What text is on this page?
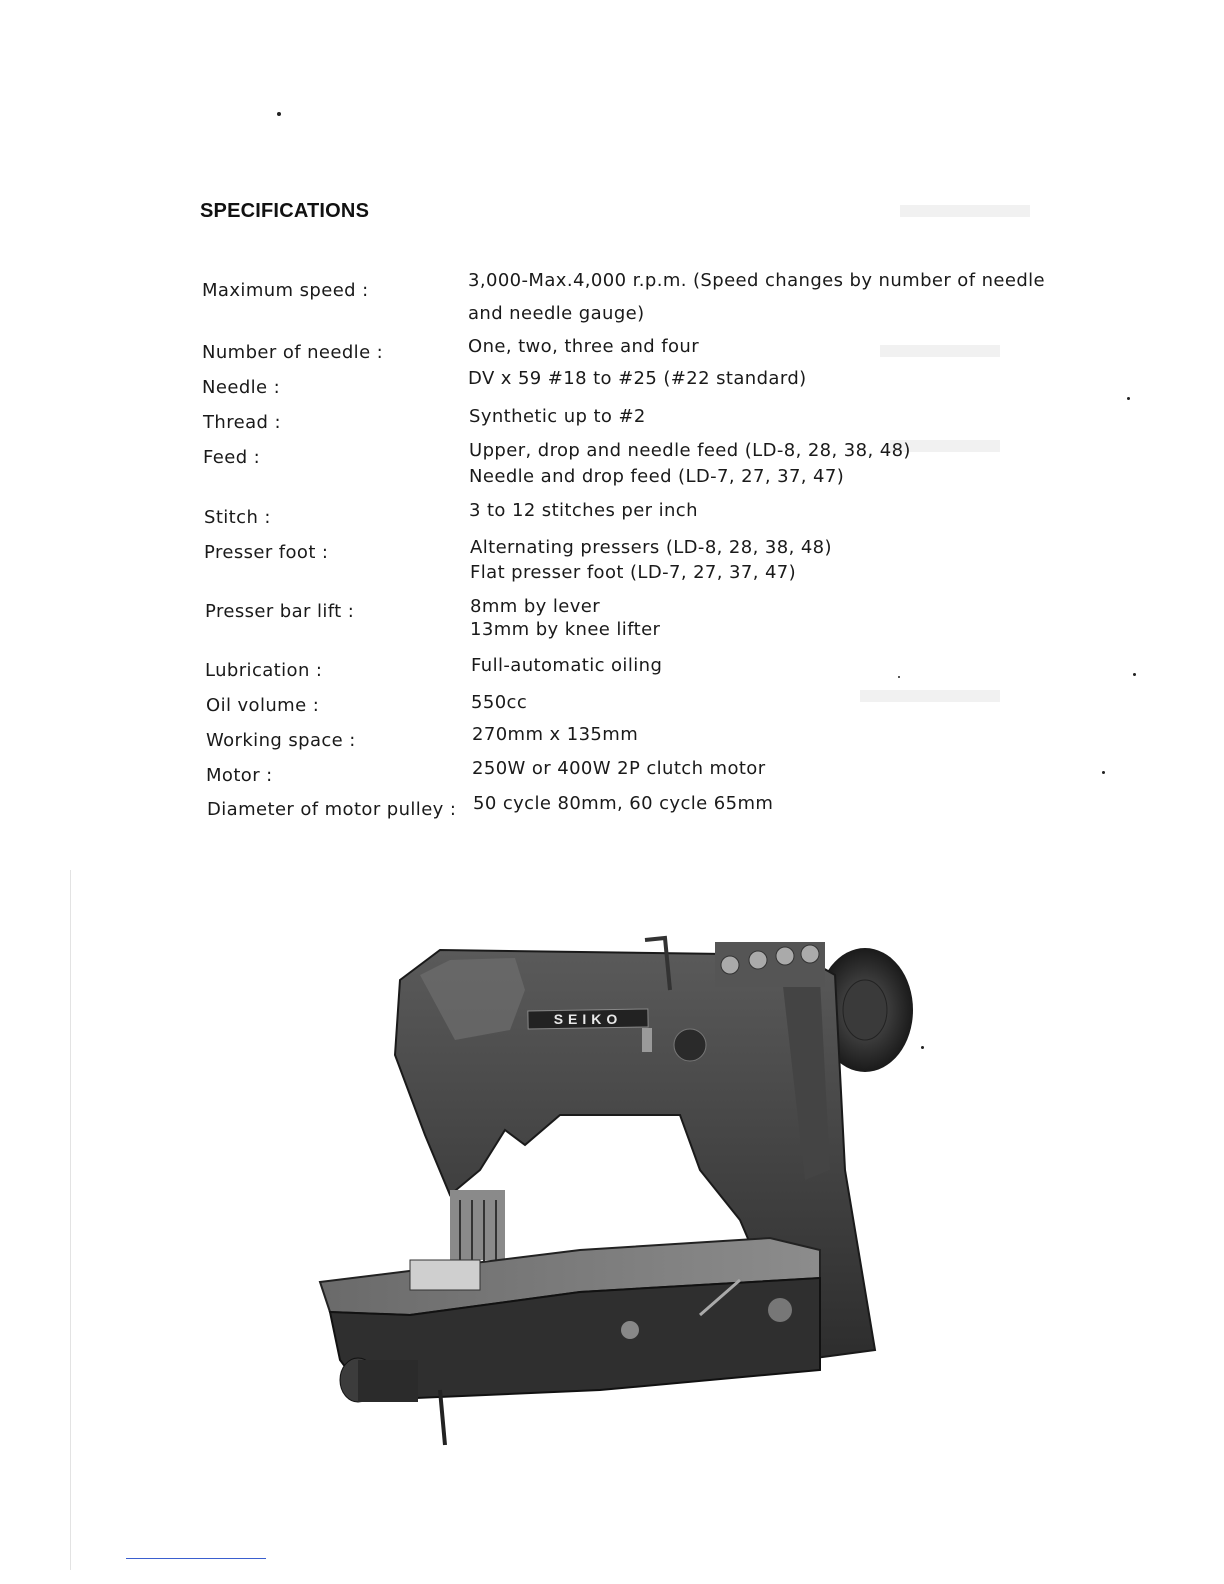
SPECIFICATIONS
Maximum speed :	3,000-Max.4,000 r.p.m. (Speed changes by number of needle
and needle gauge)
Number of needle :	One, two, three and four
Needle :	DV x 59 #18 to #25 (#22 standard)
Thread :	Synthetic up to #2
Feed :	Upper, drop and needle feed (LD-8, 28, 38, 48)
Needle and drop feed (LD-7, 27, 37, 47)
Stitch :	3 to 12 stitches per inch
Presser foot :	Alternating pressers (LD-8, 28, 38, 48)
Flat presser foot (LD-7, 27, 37, 47)
Presser bar lift :	8mm by lever
13mm by knee lifter
Lubrication :	Full-automatic oiling
Oil volume :	550cc
Working space :	270mm x 135mm
Motor :	250W or 400W 2P clutch motor
Diameter of motor pulley : 50 cycle 80mm, 60 cycle 65mm
SEIKO
